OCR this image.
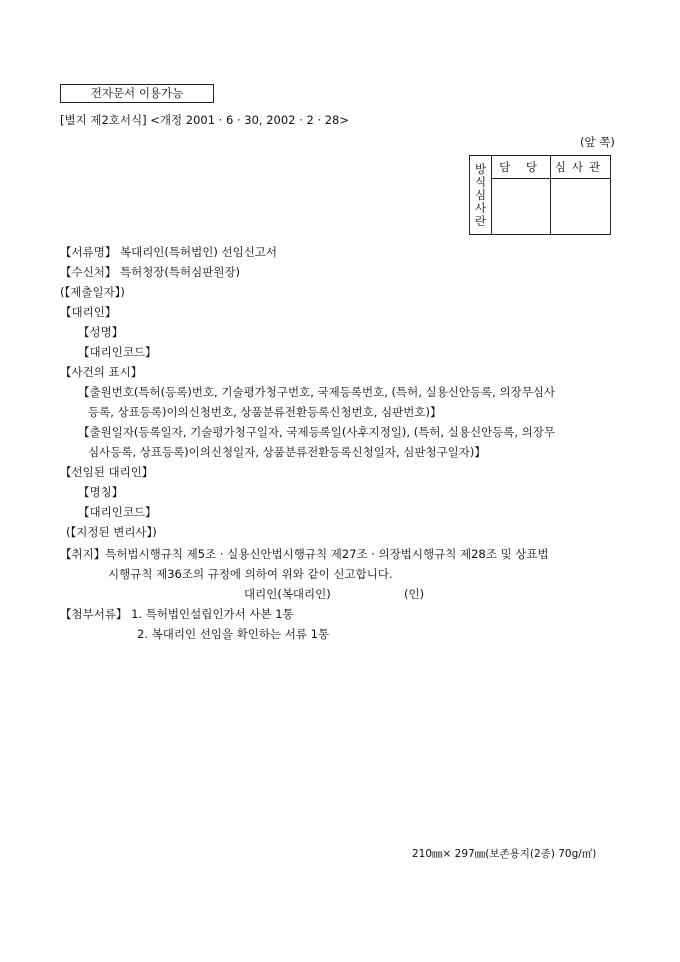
전자문서 이용가능
[별지 제2호서식] <개정 2001 · 6 · 30, 2002 · 2 · 28>
(앞 쪽)
방식심사란
담 당	심사관
【서류명】 복대리인(특허법인) 선임신고서
【수신처】 특허청장(특허심판원장)
(【제출일자】)
【대리인】
【성명】
【대리인코드】
【사건의 표시】
【출원번호(특허(등록)번호, 기술평가청구번호, 국제등록번호, (특허, 실용신안등록, 의장무심사
등록, 상표등록)이의신청번호, 상품분류전환등록신청번호, 심판번호)】
【출원일자(등록일자, 기술평가청구일자, 국제등록일(사후지정일), (특허, 실용신안등록, 의장무
심사등록, 상표등록)이의신청일자, 상품분류전환등록신청일자, 심판청구일자)】
【선임된 대리인】
【명칭】
【대리인코드】
(【지정된 변리사】)
【취지】특허법시행규칙 제5조 · 실용신안법시행규칙 제27조 · 의장법시행규칙 제28조 및 상표법
시행규칙 제36조의 규정에 의하여 위와 같이 신고합니다.
대리인(복대리인)	(인)
【첨부서류】 1. 특허법인설립인가서 사본 1통
2. 복대리인 선임을 확인하는 서류 1통
210㎜× 297㎜(보존용지(2종) 70g/㎡)
